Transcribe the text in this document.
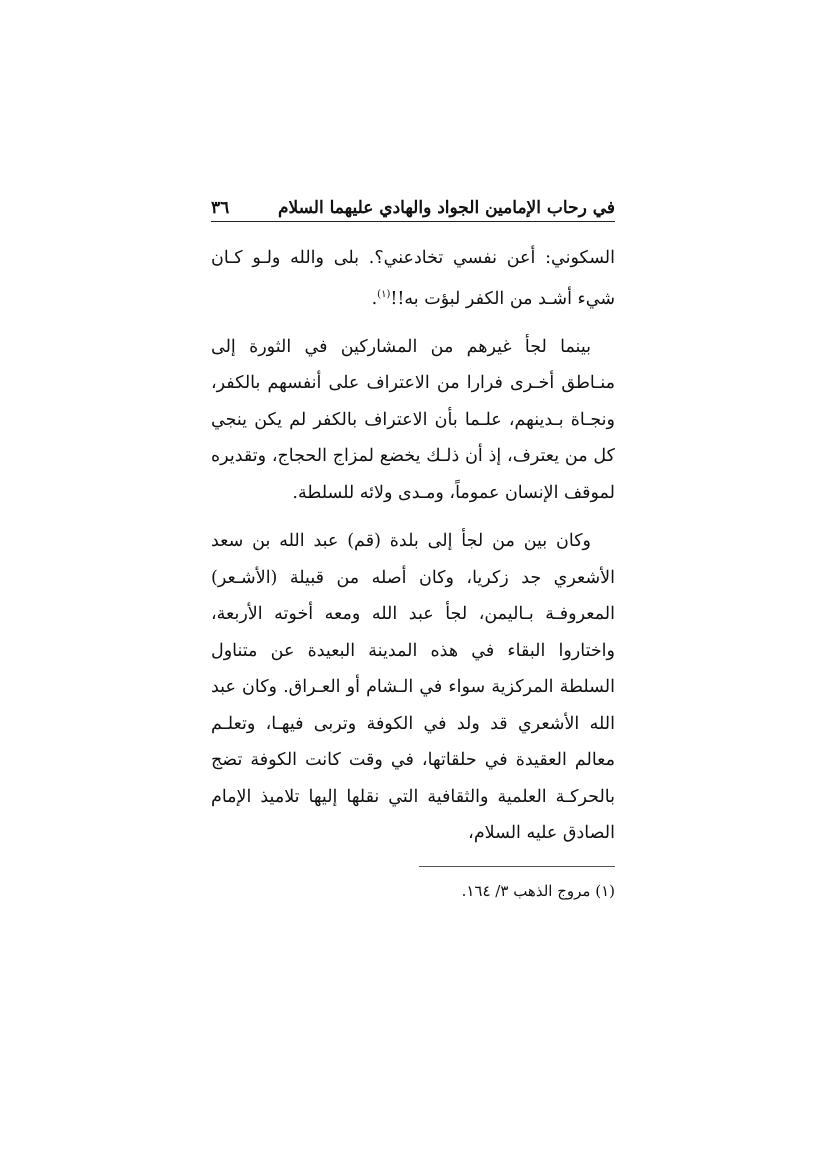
في رحاب الإمامين الجواد والهادي عليهما السلام
٣٦

السكوني: أعن نفسي تخادعني؟. بلى والله ولـو كـان شيء أشـد من الكفر لبؤت به!!$^{(١)}$.

بينما لجأ غيرهم من المشاركين في الثورة إلى منـاطق أخـرى فرارا من الاعتراف على أنفسهم بالكفر، ونجـاة بـدينهم، علـما بأن الاعتراف بالكفر لم يكن ينجي كل من يعترف، إذ أن ذلـك يخضع لمزاج الحجاج، وتقديره لموقف الإنسان عموماً، ومـدى ولائه للسلطة.

وكان بين من لجأ إلى بلدة (قم) عبد الله بن سعد الأشعري جد زكريا، وكان أصله من قبيلة (الأشـعر) المعروفـة بـاليمن، لجأ عبد الله ومعه أخوته الأربعة، واختاروا البقاء في هذه المدينة البعيدة عن متناول السلطة المركزية سواء في الـشام أو العـراق. وكان عبد الله الأشعري قد ولد في الكوفة وتربى فيهـا، وتعلـم معالم العقيدة في حلقاتها، في وقت كانت الكوفة تضج بالحركـة العلمية والثقافية التي نقلها إليها تلاميذ الإمام الصادق عليه السلام،

(١) مروج الذهب ٣/ ١٦٤.
